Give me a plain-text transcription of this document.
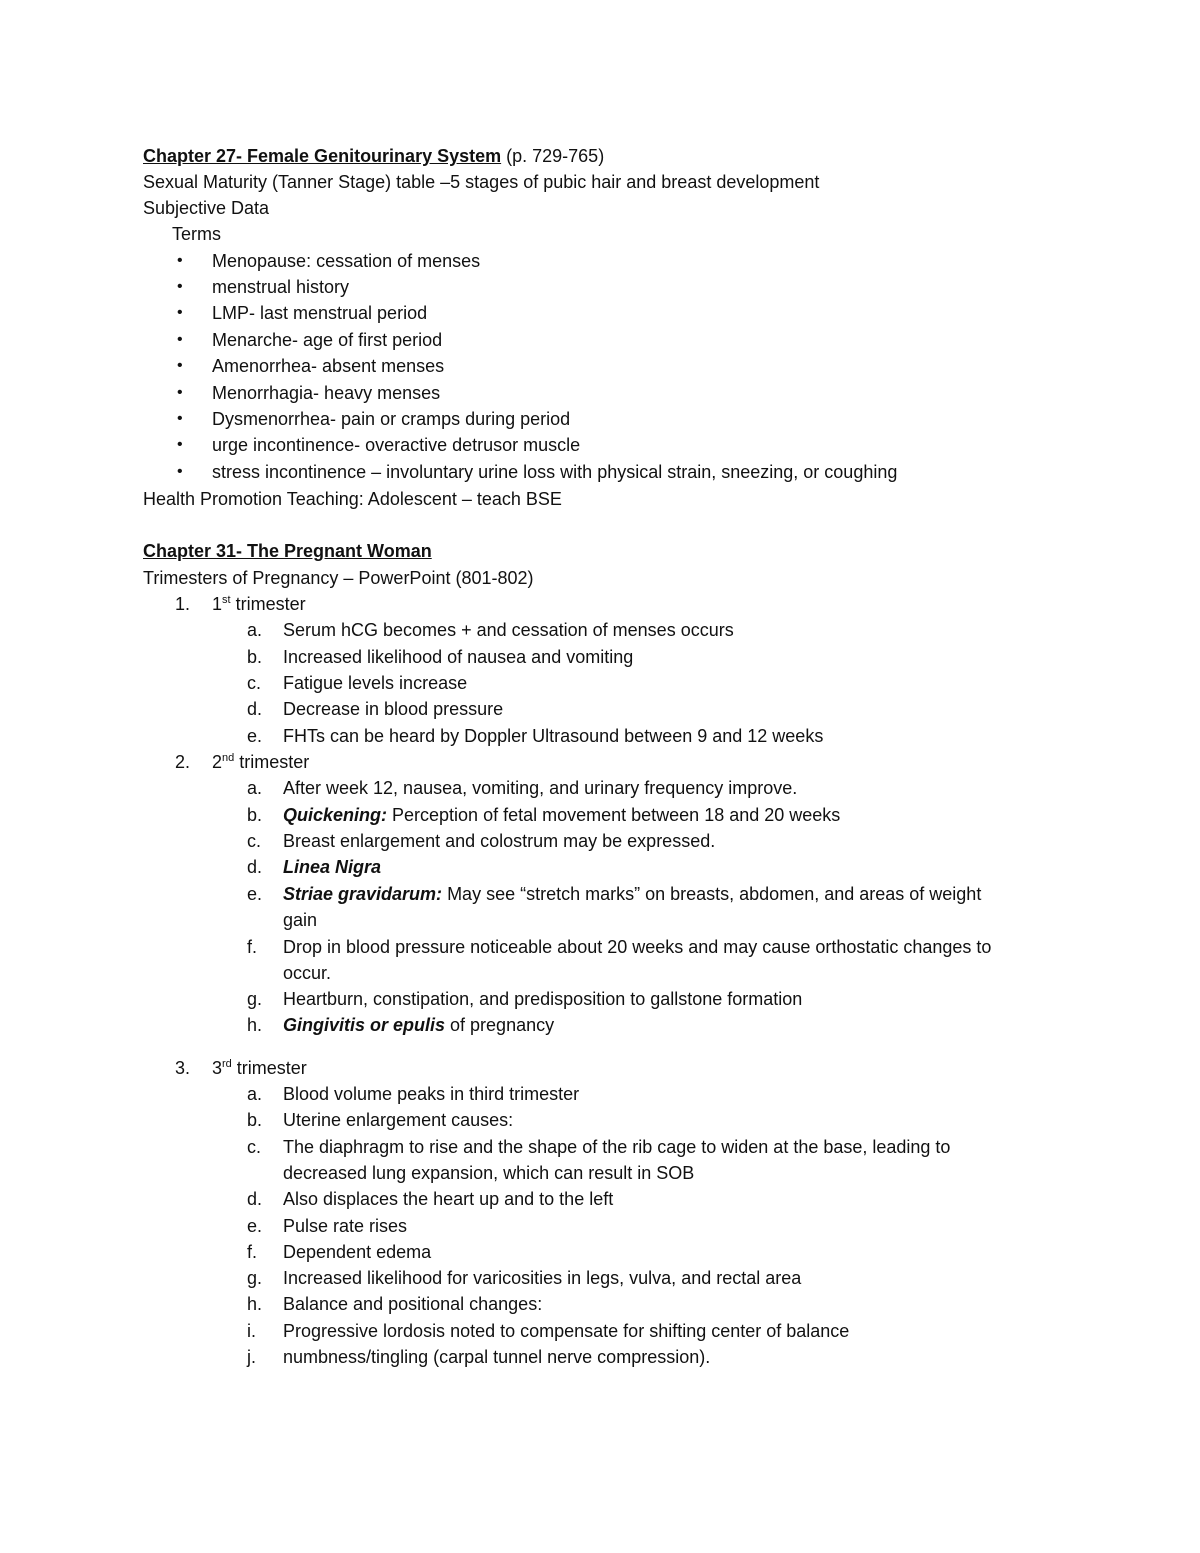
Chapter 27- Female Genitourinary System (p. 729-765)
Sexual Maturity (Tanner Stage) table –5 stages of pubic hair and breast development
Subjective Data
Terms
• Menopause: cessation of menses
• menstrual history
• LMP- last menstrual period
• Menarche- age of first period
• Amenorrhea- absent menses
• Menorrhagia- heavy menses
• Dysmenorrhea- pain or cramps during period
• urge incontinence- overactive detrusor muscle
• stress incontinence – involuntary urine loss with physical strain, sneezing, or coughing
Health Promotion Teaching: Adolescent – teach BSE
Chapter 31- The Pregnant Woman
Trimesters of Pregnancy – PowerPoint (801-802)
1. 1st trimester
a. Serum hCG becomes + and cessation of menses occurs
b. Increased likelihood of nausea and vomiting
c. Fatigue levels increase
d. Decrease in blood pressure
e. FHTs can be heard by Doppler Ultrasound between 9 and 12 weeks
2. 2nd trimester
a. After week 12, nausea, vomiting, and urinary frequency improve.
b. Quickening: Perception of fetal movement between 18 and 20 weeks
c. Breast enlargement and colostrum may be expressed.
d. Linea Nigra
e. Striae gravidarum: May see “stretch marks” on breasts, abdomen, and areas of weight
gain
f. Drop in blood pressure noticeable about 20 weeks and may cause orthostatic changes to
occur.
g. Heartburn, constipation, and predisposition to gallstone formation
h. Gingivitis or epulis of pregnancy
3. 3rd trimester
a. Blood volume peaks in third trimester
b. Uterine enlargement causes:
c. The diaphragm to rise and the shape of the rib cage to widen at the base, leading to
decreased lung expansion, which can result in SOB
d. Also displaces the heart up and to the left
e. Pulse rate rises
f. Dependent edema
g. Increased likelihood for varicosities in legs, vulva, and rectal area
h. Balance and positional changes:
i. Progressive lordosis noted to compensate for shifting center of balance
j. numbness/tingling (carpal tunnel nerve compression).
